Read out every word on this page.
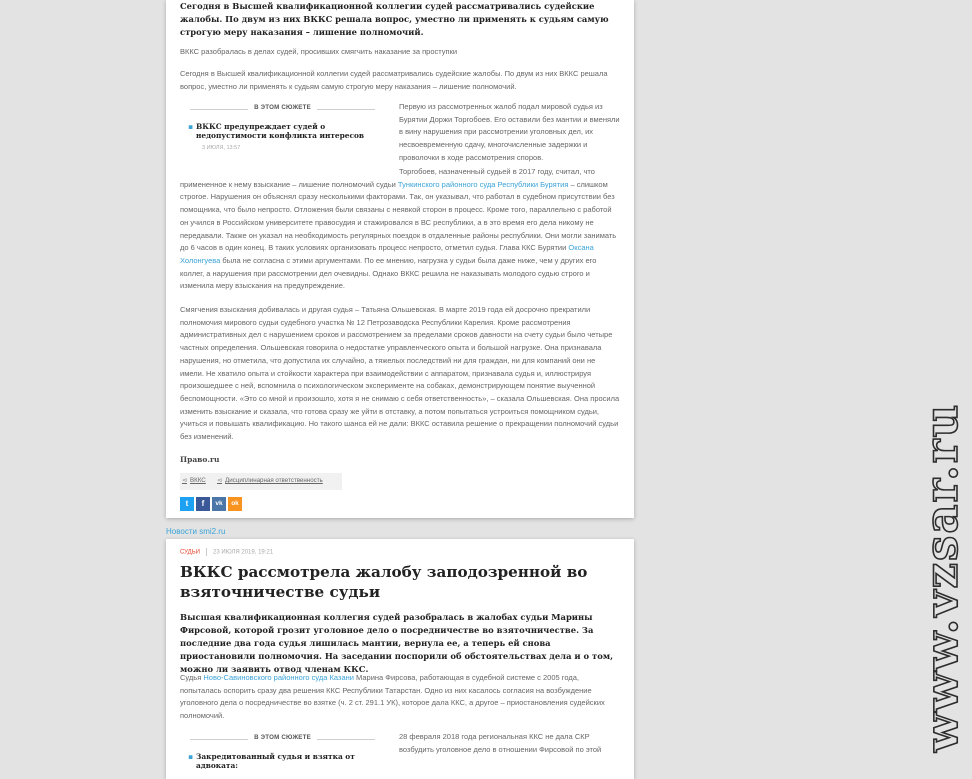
Сегодня в Высшей квалификационной коллегии судей рассматривались судейские жалобы. По двум из них ВККС решала вопрос, уместно ли применять к судьям самую строгую меру наказания – лишение полномочий.
ВККС разобралась в делах судей, просивших смягчить наказание за проступки
Сегодня в Высшей квалификационной коллегии судей рассматривались судейские жалобы. По двум из них ВККС решала вопрос, уместно ли применять к судьям самую строгую меру наказания – лишение полномочий.
В ЭТОМ СЮЖЕТЕ
▪ ВККС предупреждает судей о недопустимости конфликта интересов
3 ИЮЛЯ, 13:57
Первую из рассмотренных жалоб подал мировой судья из Бурятии Доржи Торгобоев. Его оставили без мантии и вменяли в вину нарушения при рассмотрении уголовных дел, их несвоевременную сдачу, многочисленные задержки и проволочки в ходе рассмотрения споров.
Торгобоев, назначенный судьей в 2017 году, считал, что примененное к нему взыскание – лишение полномочий судьи Тункинского районного суда Республики Бурятия – слишком строгое. Нарушения он объяснял сразу несколькими факторами. Так, он указывал, что работал в судебном присутствии без помощника, что было непросто. Отложения были связаны с неявкой сторон в процесс. Кроме того, параллельно с работой он учился в Российском университете правосудия и стажировался в ВС республики, а в это время его дела никому не передавали. Также он указал на необходимость регулярных поездок в отдаленные районы республики. Они могли занимать до 6 часов в один конец. В таких условиях организовать процесс непросто, отметил судья. Глава ККС Бурятии Оксана Холонгуева была не согласна с этими аргументами. По ее мнению, нагрузка у судьи была даже ниже, чем у других его коллег, а нарушения при рассмотрении дел очевидны. Однако ВККС решила не наказывать молодого судью строго и изменила меру взыскания на предупреждение.
Смягчения взыскания добивалась и другая судья – Татьяна Ольшевская. В марте 2019 года ей досрочно прекратили полномочия мирового судьи судебного участка № 12 Петрозаводска Республики Карелия. Кроме рассмотрения административных дел с нарушением сроков и рассмотрением за пределами сроков давности на счету судьи было четыре частных определения. Ольшевская говорила о недостатке управленческого опыта и большой нагрузке. Она признавала нарушения, но отметила, что допустила их случайно, а тяжелых последствий ни для граждан, ни для компаний они не имели. Не хватило опыта и стойкости характера при взаимодействии с аппаратом, признавала судья и, иллюстрируя произошедшее с ней, вспомнила о психологическом эксперименте на собаках, демонстрирующем понятие выученной беспомощности. «Это со мной и произошло, хотя я не снимаю с себя ответственность», – сказала Ольшевская. Она просила изменить взыскание и сказала, что готова сразу же уйти в отставку, а потом попытаться устроиться помощником судьи, учиться и повышать квалификацию. Но такого шанса ей не дали: ВККС оставила решение о прекращении полномочий судьи без изменений.
Право.ru
⊲ ВККС ⊲ Дисциплинарная ответственность
t	f	vk	ok
Новости smi2.ru
СУДЬИ 23 ИЮЛЯ 2019, 19:21
ВККС рассмотрела жалобу заподозренной во взяточничестве судьи
Высшая квалификационная коллегия судей разобралась в жалобах судьи Марины Фирсовой, которой грозит уголовное дело о посредничестве во взяточничестве. За последние два года судья лишилась мантии, вернула ее, а теперь ей снова приостановили полномочия. На заседании поспорили об обстоятельствах дела и о том, можно ли заявить отвод членам ККС.
Судья Ново-Савиновского районного суда Казани Марина Фирсова, работающая в судебной системе с 2005 года, попыталась оспорить сразу два решения ККС Республики Татарстан. Одно из них касалось согласия на возбуждение уголовного дела о посредничестве во взятке (ч. 2 ст. 291.1 УК), которое дала ККС, а другое – приостановления судейских полномочий.
В ЭТОМ СЮЖЕТЕ
▪ Закредитованный судья и взятка от адвоката:
28 февраля 2018 года региональная ККС не дала СКР возбудить уголовное дело в отношении Фирсовой по этой	www.vzsar.ru
